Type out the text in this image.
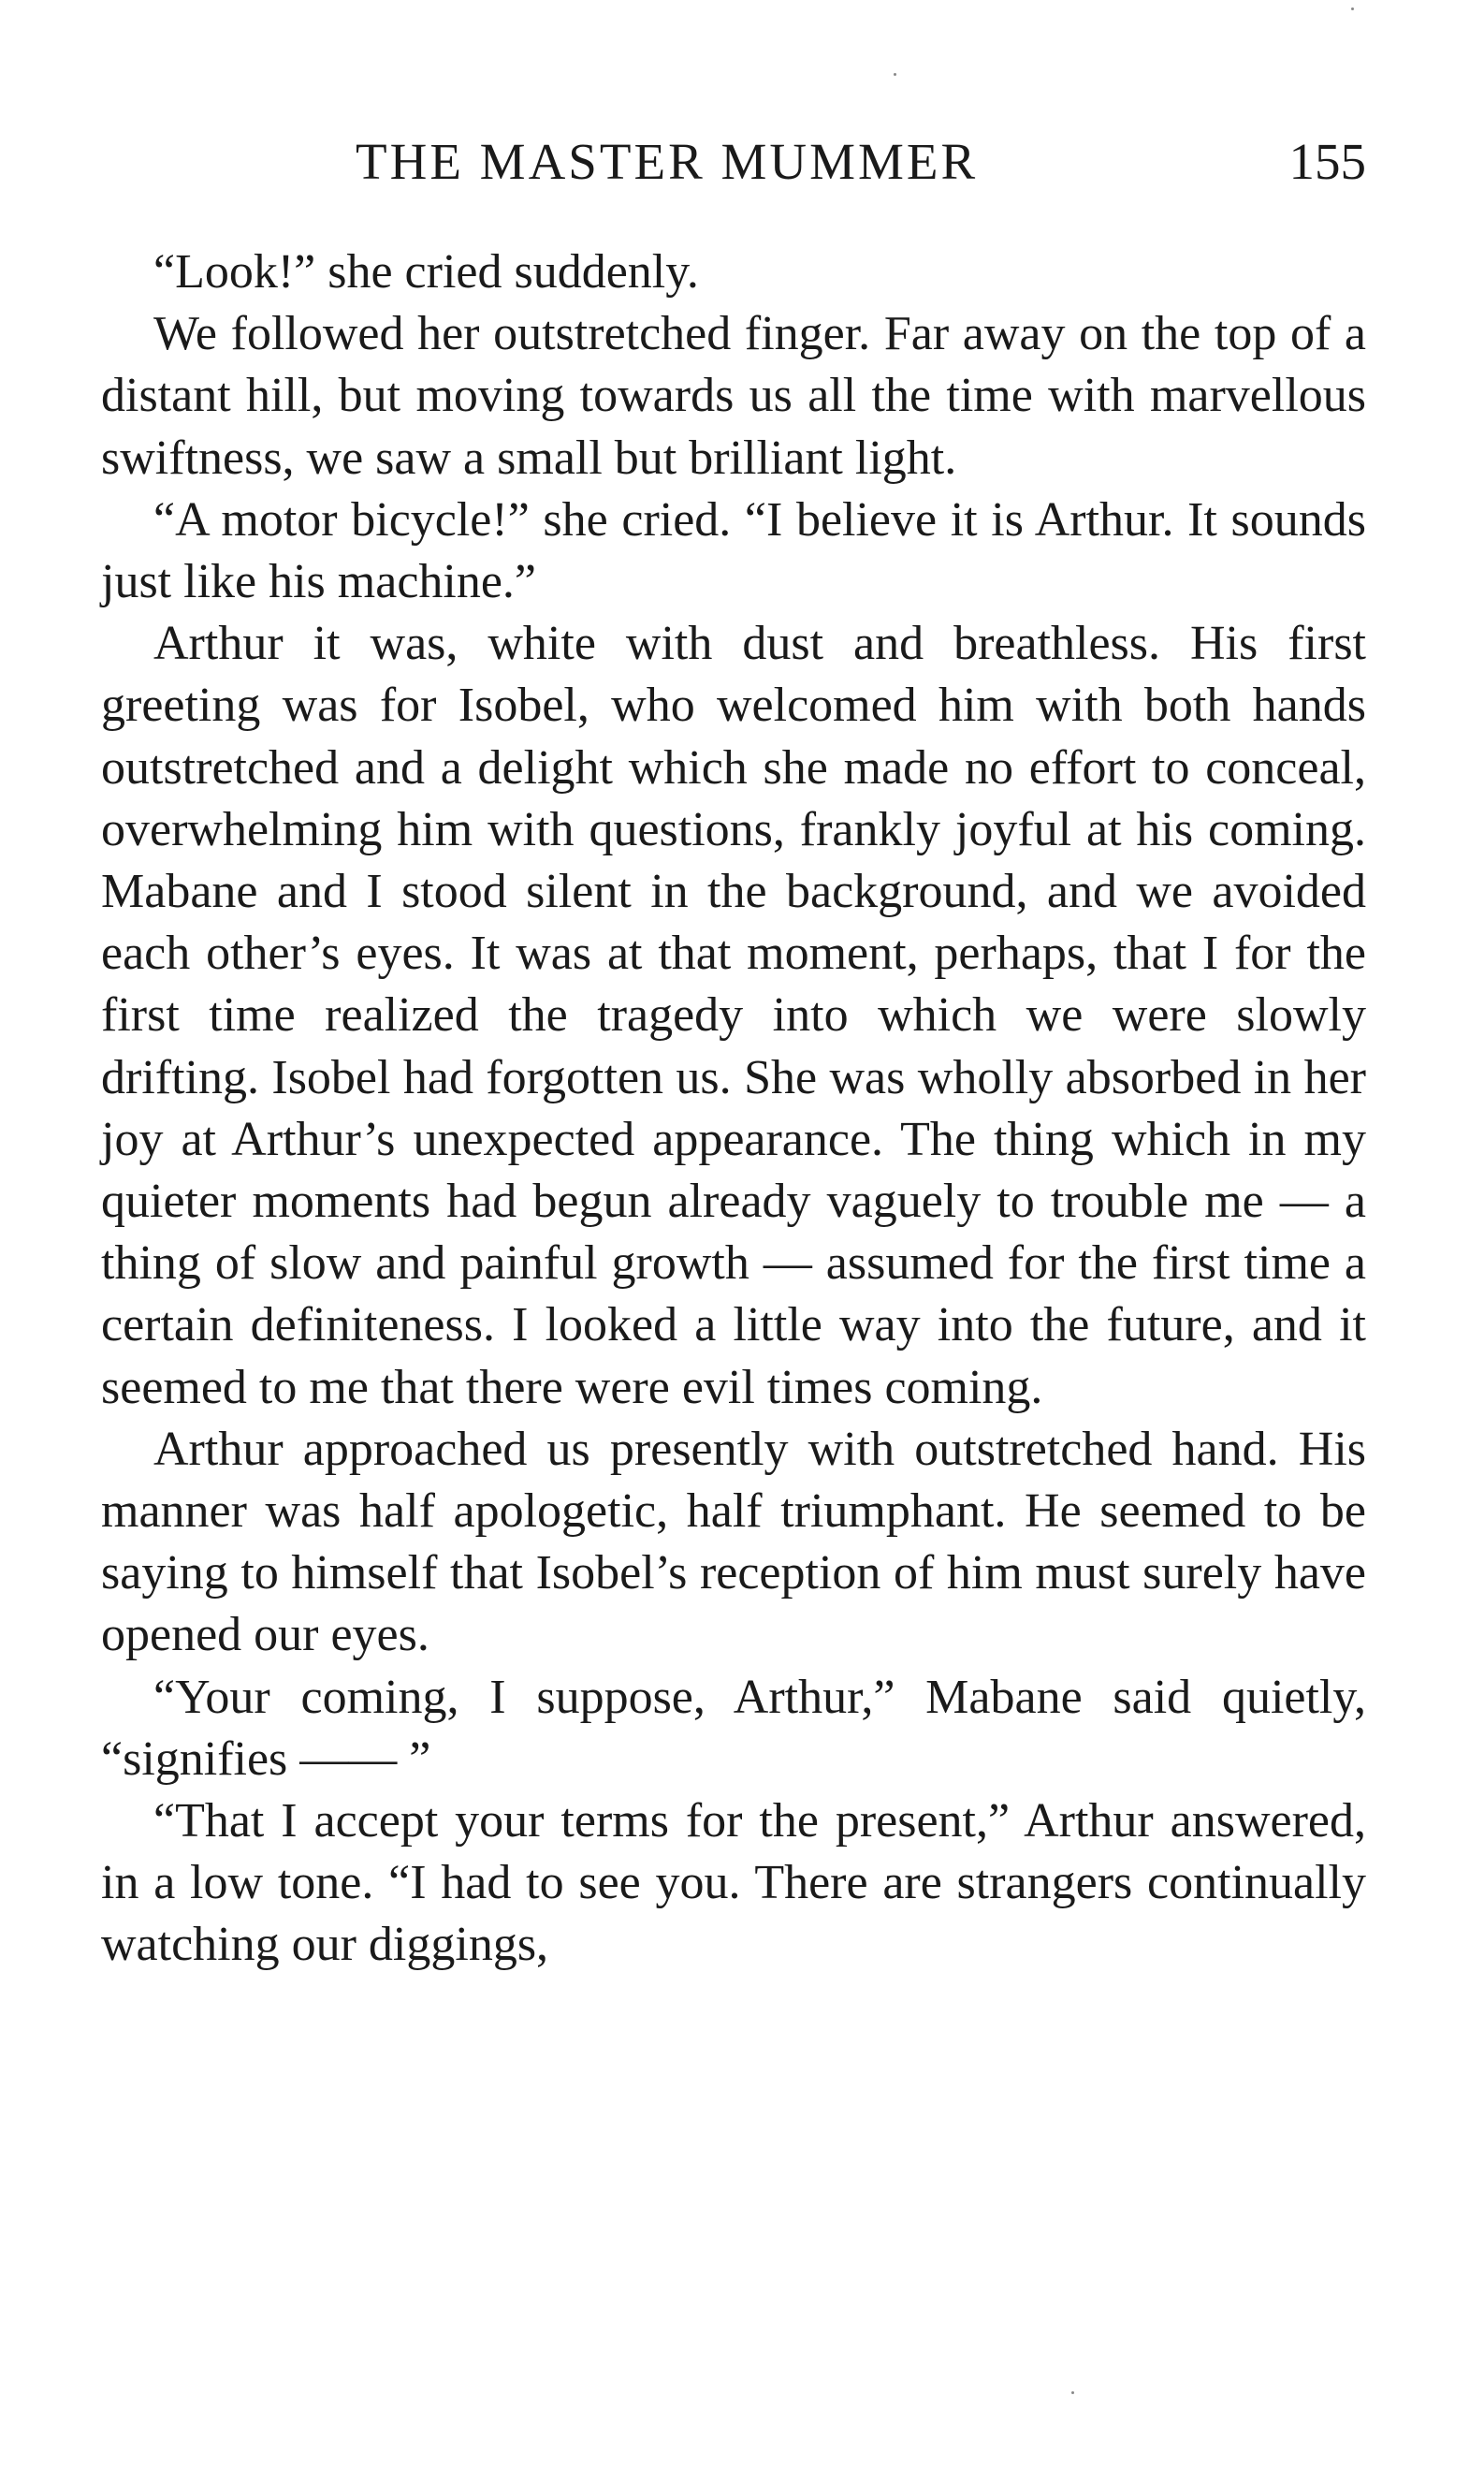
THE MASTER MUMMER	155

“Look!” she cried suddenly.

We followed her outstretched finger. Far away on the top of a distant hill, but moving towards us all the time with marvellous swiftness, we saw a small but brilliant light.

“A motor bicycle!” she cried. “I believe it is Arthur. It sounds just like his machine.”

Arthur it was, white with dust and breathless. His first greeting was for Isobel, who welcomed him with both hands outstretched and a delight which she made no effort to conceal, overwhelming him with questions, frankly joyful at his coming. Mabane and I stood silent in the background, and we avoided each other’s eyes. It was at that moment, perhaps, that I for the first time realized the tragedy into which we were slowly drifting. Isobel had forgotten us. She was wholly absorbed in her joy at Arthur’s unexpected appearance. The thing which in my quieter moments had begun already vaguely to trouble me — a thing of slow and painful growth — assumed for the first time a certain definiteness. I looked a little way into the future, and it seemed to me that there were evil times coming.

Arthur approached us presently with outstretched hand. His manner was half apologetic, half triumphant. He seemed to be saying to himself that Isobel’s reception of him must surely have opened our eyes.

“Your coming, I suppose, Arthur,” Mabane said quietly, “signifies —— ”

“That I accept your terms for the present,” Arthur answered, in a low tone. “I had to see you. There are strangers continually watching our diggings,
